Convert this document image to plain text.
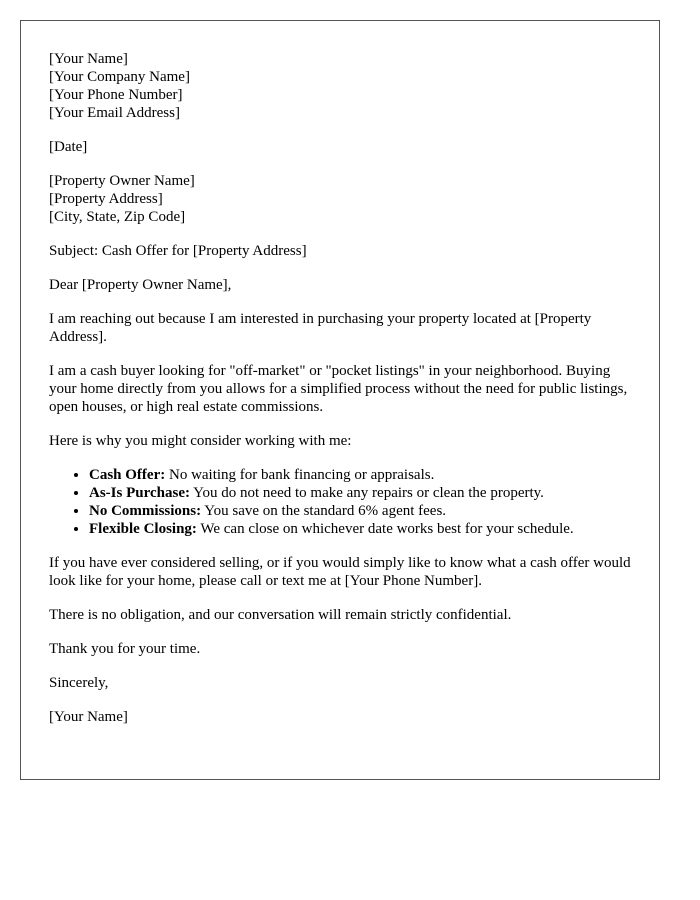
[Your Name]
[Your Company Name]
[Your Phone Number]
[Your Email Address]

[Date]

[Property Owner Name]
[Property Address]
[City, State, Zip Code]

Subject: Cash Offer for [Property Address]

Dear [Property Owner Name],

I am reaching out because I am interested in purchasing your property located at [Property Address].

I am a cash buyer looking for "off-market" or "pocket listings" in your neighborhood. Buying your home directly from you allows for a simplified process without the need for public listings, open houses, or high real estate commissions.

Here is why you might consider working with me:

• Cash Offer: No waiting for bank financing or appraisals.
• As-Is Purchase: You do not need to make any repairs or clean the property.
• No Commissions: You save on the standard 6% agent fees.
• Flexible Closing: We can close on whichever date works best for your schedule.

If you have ever considered selling, or if you would simply like to know what a cash offer would look like for your home, please call or text me at [Your Phone Number].

There is no obligation, and our conversation will remain strictly confidential.

Thank you for your time.

Sincerely,

[Your Name]
